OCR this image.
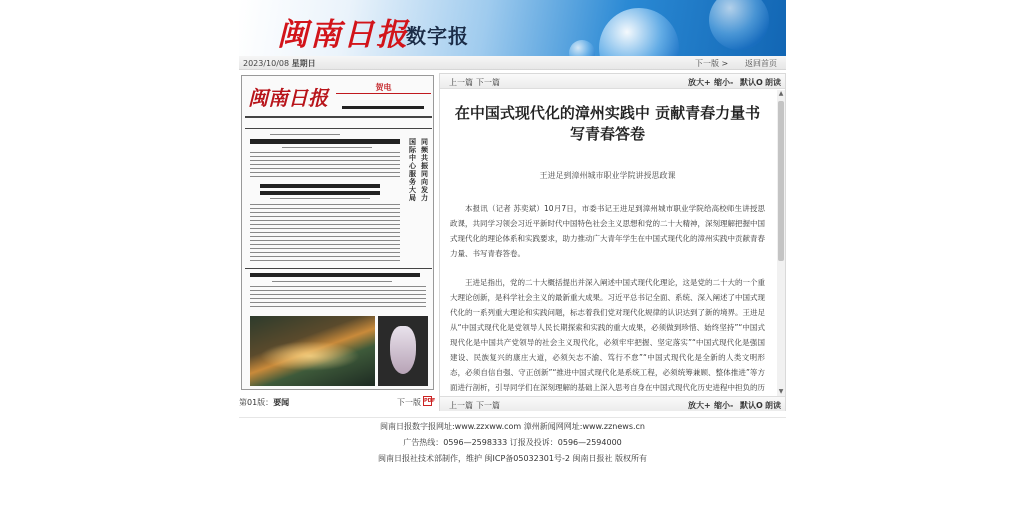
闽南日报
数字报
2023/10/08 星期日	下一版 > 返回首页
闽南日报	贺电
国际中心服务大局
同频共振同向发力
第01版：要闻	下一版 PDF
上一篇 下一篇	放大+ 缩小- 默认O 朗读
在中国式现代化的漳州实践中 贡献青春力量书写青春答卷
王进足到漳州城市职业学院讲授思政课

本报讯（记者 苏奕斌）10月7日，市委书记王进足到漳州城市职业学院给高校师生讲授思政课，共同学习领会习近平新时代中国特色社会主义思想和党的二十大精神，深刻理解把握中国式现代化的理论体系和实践要求，助力推动广大青年学生在中国式现代化的漳州实践中贡献青春力量、书写青春答卷。

王进足指出，党的二十大概括提出并深入阐述中国式现代化理论，这是党的二十大的一个重大理论创新，是科学社会主义的最新重大成果。习近平总书记全面、系统、深入阐述了中国式现代化的一系列重大理论和实践问题，标志着我们党对现代化规律的认识达到了新的境界。王进足从“中国式现代化是党领导人民长期探索和实践的重大成果，必须做到珍惜、始终坚持”“中国式现代化是中国共产党领导的社会主义现代化，必须牢牢把握、坚定落实”“中国式现代化是强国建设、民族复兴的康庄大道，必须矢志不渝、笃行不怠”“中国式现代化是全新的人类文明形态，必须自信自强、守正创新”“推进中国式现代化是系统工程，必须统筹兼顾、整体推进”等方面进行剖析，引导同学们在深刻理解的基础上深入思考自身在中国式现代化历史进程中担负的历

▲
▼
上一篇 下一篇	放大+ 缩小- 默认O 朗读
闽南日报数字报网址:www.zzxww.com 漳州新闻网网址:www.zznews.cn
广告热线：0596—2598333 订报及投诉：0596—2594000
闽南日报社技术部制作，维护 闽ICP备05032301号-2 闽南日报社 版权所有
